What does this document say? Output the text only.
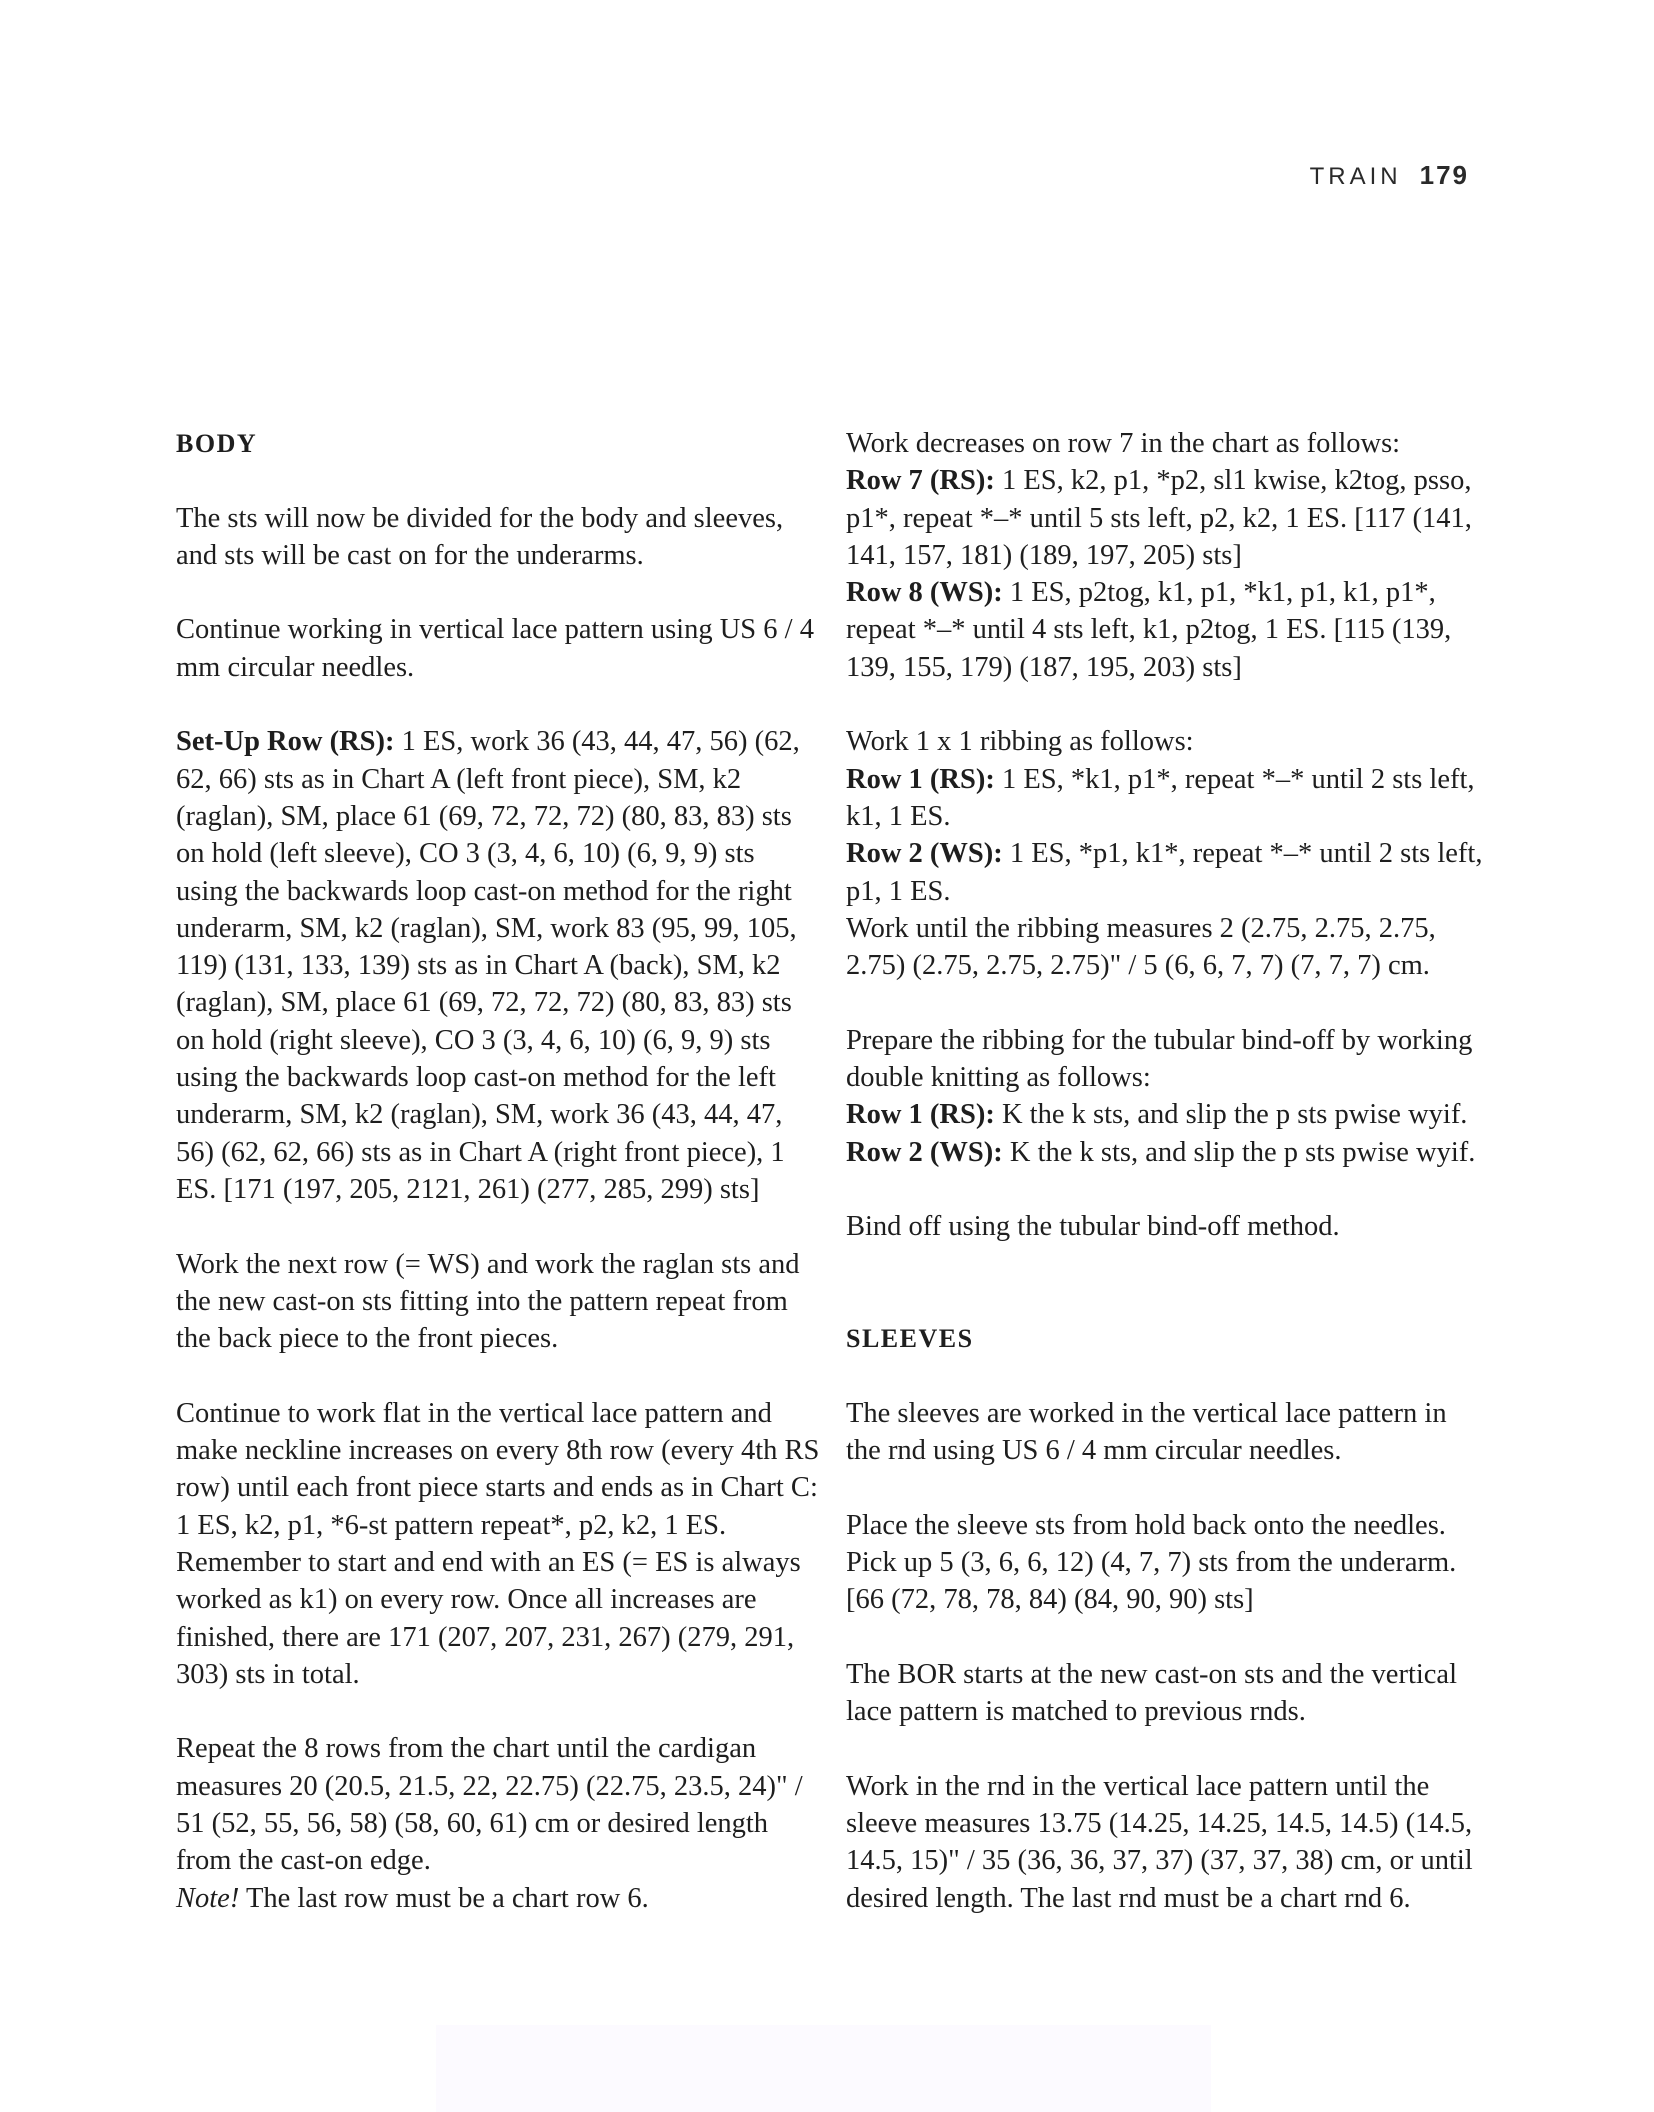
TRAIN 179
BODY

The sts will now be divided for the body and sleeves, and sts will be cast on for the underarms.

Continue working in vertical lace pattern using US 6 / 4 mm circular needles.

Set-Up Row (RS): 1 ES, work 36 (43, 44, 47, 56) (62, 62, 66) sts as in Chart A (left front piece), SM, k2 (raglan), SM, place 61 (69, 72, 72, 72) (80, 83, 83) sts on hold (left sleeve), CO 3 (3, 4, 6, 10) (6, 9, 9) sts using the backwards loop cast-on method for the right underarm, SM, k2 (raglan), SM, work 83 (95, 99, 105, 119) (131, 133, 139) sts as in Chart A (back), SM, k2 (raglan), SM, place 61 (69, 72, 72, 72) (80, 83, 83) sts on hold (right sleeve), CO 3 (3, 4, 6, 10) (6, 9, 9) sts using the backwards loop cast-on method for the left underarm, SM, k2 (raglan), SM, work 36 (43, 44, 47, 56) (62, 62, 66) sts as in Chart A (right front piece), 1 ES. [171 (197, 205, 2121, 261) (277, 285, 299) sts]

Work the next row (= WS) and work the raglan sts and the new cast-on sts fitting into the pattern repeat from the back piece to the front pieces.

Continue to work flat in the vertical lace pattern and make neckline increases on every 8th row (every 4th RS row) until each front piece starts and ends as in Chart C: 1 ES, k2, p1, *6-st pattern repeat*, p2, k2, 1 ES. Remember to start and end with an ES (= ES is always worked as k1) on every row. Once all increases are finished, there are 171 (207, 207, 231, 267) (279, 291, 303) sts in total.

Repeat the 8 rows from the chart until the cardigan measures 20 (20.5, 21.5, 22, 22.75) (22.75, 23.5, 24)" / 51 (52, 55, 56, 58) (58, 60, 61) cm or desired length from the cast-on edge.

Note! The last row must be a chart row 6.

Work decreases on row 7 in the chart as follows:

Row 7 (RS): 1 ES, k2, p1, *p2, sl1 kwise, k2tog, psso, p1*, repeat *–* until 5 sts left, p2, k2, 1 ES. [117 (141, 141, 157, 181) (189, 197, 205) sts]

Row 8 (WS): 1 ES, p2tog, k1, p1, *k1, p1, k1, p1*, repeat *–* until 4 sts left, k1, p2tog, 1 ES. [115 (139, 139, 155, 179) (187, 195, 203) sts]

Work 1 x 1 ribbing as follows:

Row 1 (RS): 1 ES, *k1, p1*, repeat *–* until 2 sts left, k1, 1 ES.

Row 2 (WS): 1 ES, *p1, k1*, repeat *–* until 2 sts left, p1, 1 ES.

Work until the ribbing measures 2 (2.75, 2.75, 2.75, 2.75) (2.75, 2.75, 2.75)" / 5 (6, 6, 7, 7) (7, 7, 7) cm.

Prepare the ribbing for the tubular bind-off by working double knitting as follows:

Row 1 (RS): K the k sts, and slip the p sts pwise wyif.

Row 2 (WS): K the k sts, and slip the p sts pwise wyif.

Bind off using the tubular bind-off method.

SLEEVES

The sleeves are worked in the vertical lace pattern in the rnd using US 6 / 4 mm circular needles.

Place the sleeve sts from hold back onto the needles. Pick up 5 (3, 6, 6, 12) (4, 7, 7) sts from the underarm. [66 (72, 78, 78, 84) (84, 90, 90) sts]

The BOR starts at the new cast-on sts and the vertical lace pattern is matched to previous rnds.

Work in the rnd in the vertical lace pattern until the sleeve measures 13.75 (14.25, 14.25, 14.5, 14.5) (14.5, 14.5, 15)" / 35 (36, 36, 37, 37) (37, 37, 38) cm, or until desired length. The last rnd must be a chart rnd 6.
